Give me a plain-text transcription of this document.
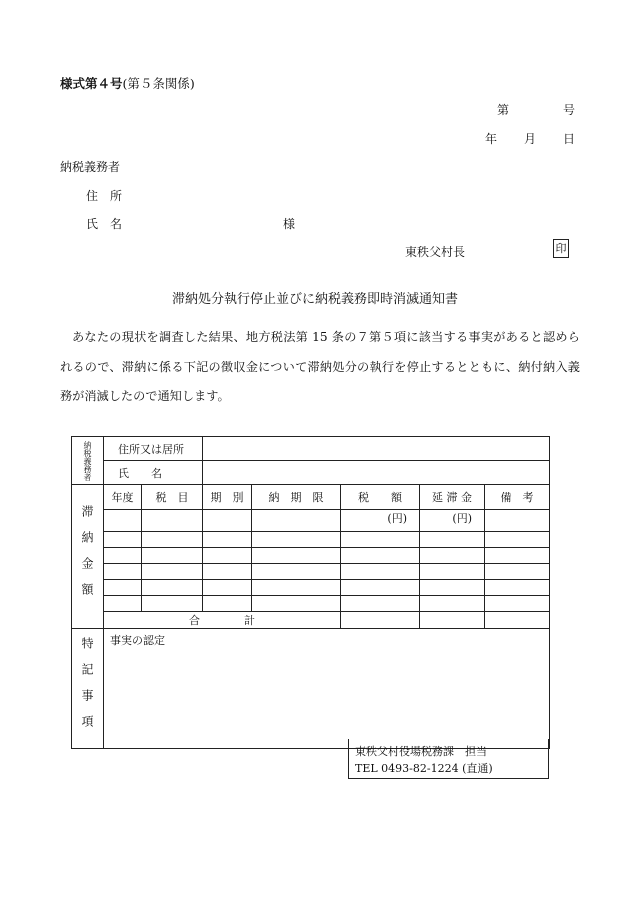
様式第４号(第５条関係)
第	号
年 月 日
納税義務者
住　所
氏　名	様
東秩父村長	印
滞納処分執行停止並びに納税義務即時消滅通知書
あなたの現状を調査した結果、地方税法第 15 条の７第５項に該当する事実があると認められるので、滞納に係る下記の徴収金について滞納処分の執行を停止するとともに、納付納入義務が消滅したので通知します。
納税義務者	住所又は居所						
	氏　　名						

滞納金額	年度	税　目	期　別	納　期　限	税　　額	延 滞 金	備　考
					(円)	(円)	

	合　　　　計						

特記事項	事実の認定						
東秩父村役場税務課　担当
TEL 0493-82-1224 (直通)
